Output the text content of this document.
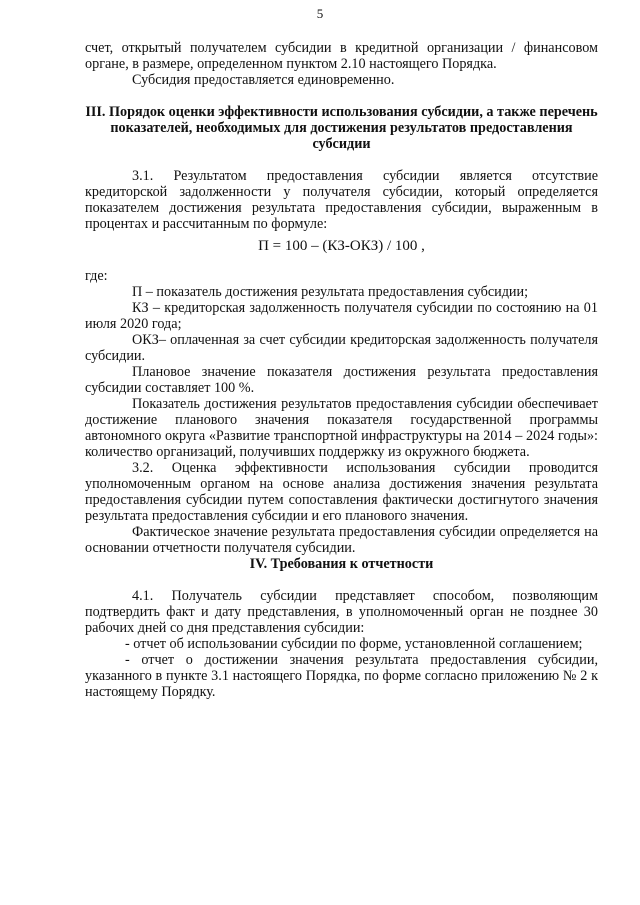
5

счет, открытый получателем субсидии в кредитной организации / финансовом органе, в размере, определенном пунктом 2.10 настоящего Порядка.

Субсидия предоставляется единовременно.

III. Порядок оценки эффективности использования субсидии, а также перечень показателей, необходимых для достижения результатов предоставления субсидии

3.1. Результатом предоставления субсидии является отсутствие кредиторской задолженности у получателя субсидии, который определяется показателем достижения результата предоставления субсидии, выраженным в процентах и рассчитанным по формуле:

П = 100 – (КЗ-ОКЗ) / 100 ,

где:

П – показатель достижения результата предоставления субсидии;

КЗ – кредиторская задолженность получателя субсидии по состоянию на 01 июля 2020 года;

ОКЗ– оплаченная за счет субсидии кредиторская задолженность получателя субсидии.

Плановое значение показателя достижения результата предоставления субсидии составляет 100 %.

Показатель достижения результатов предоставления субсидии обеспечивает достижение планового значения показателя государственной программы автономного округа «Развитие транспортной инфраструктуры на 2014 – 2024 годы»: количество организаций, получивших поддержку из окружного бюджета.

3.2. Оценка эффективности использования субсидии проводится уполномоченным органом на основе анализа достижения значения результата предоставления субсидии путем сопоставления фактически достигнутого значения результата предоставления субсидии и его планового значения.

Фактическое значение результата предоставления субсидии определяется на основании отчетности получателя субсидии.

IV. Требования к отчетности

4.1. Получатель субсидии представляет способом, позволяющим подтвердить факт и дату представления, в уполномоченный орган не позднее 30 рабочих дней со дня представления субсидии:

- отчет об использовании субсидии по форме, установленной соглашением;

- отчет о достижении значения результата предоставления субсидии, указанного в пункте 3.1 настоящего Порядка, по форме согласно приложению № 2 к настоящему Порядку.
